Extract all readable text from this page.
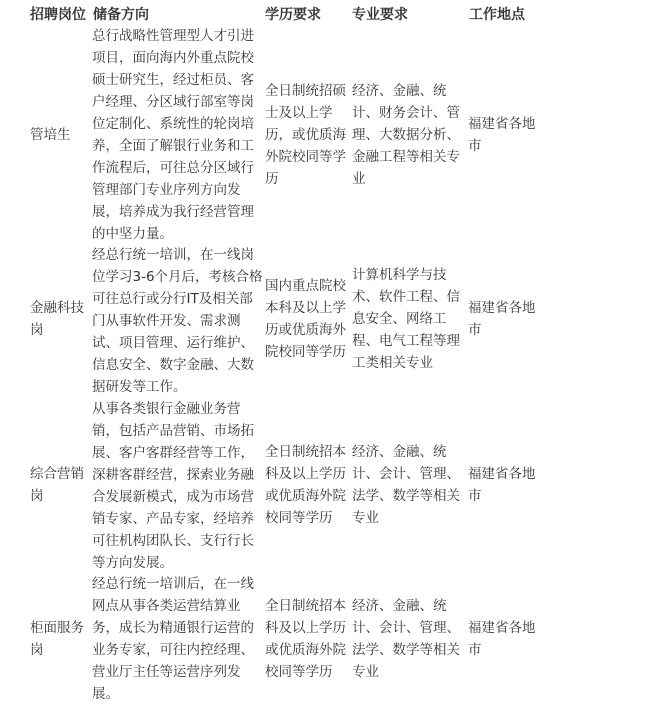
招聘岗位 储备方向	学历要求 专业要求	工作地点
管培生
总行战略性管理型人才引进项目，面向海内外重点院校硕士研究生，经过柜员、客户经理、分区域行部室等岗位定制化、系统性的轮岗培养，全面了解银行业务和工作流程后，可往总分区域行管理部门专业序列方向发展，培养成为我行经营管理的中坚力量。
全日制统招硕士及以上学历，或优质海外院校同等学历
经济、金融、统计、财务会计、管理、大数据分析、金融工程等相关专业
福建省各地市
金融科技岗
经总行统一培训，在一线岗位学习3-6个月后，考核合格可往总行或分行IT及相关部门从事软件开发、需求测试、项目管理、运行维护、信息安全、数字金融、大数据研发等工作。
国内重点院校本科及以上学历或优质海外院校同等学历
计算机科学与技术、软件工程、信息安全、网络工程、电气工程等理工类相关专业
福建省各地市
综合营销岗
从事各类银行金融业务营销，包括产品营销、市场拓展、客户客群经营等工作，深耕客群经营，探索业务融合发展新模式，成为市场营销专家、产品专家，经培养可往机构团队长、支行行长等方向发展。
全日制统招本科及以上学历或优质海外院校同等学历
经济、金融、统计、会计、管理、法学、数学等相关专业
福建省各地市
柜面服务岗
经总行统一培训后，在一线网点从事各类运营结算业务，成长为精通银行运营的业务专家，可往内控经理、营业厅主任等运营序列发展。
全日制统招本科及以上学历或优质海外院校同等学历
经济、金融、统计、会计、管理、法学、数学等相关专业
福建省各地市
